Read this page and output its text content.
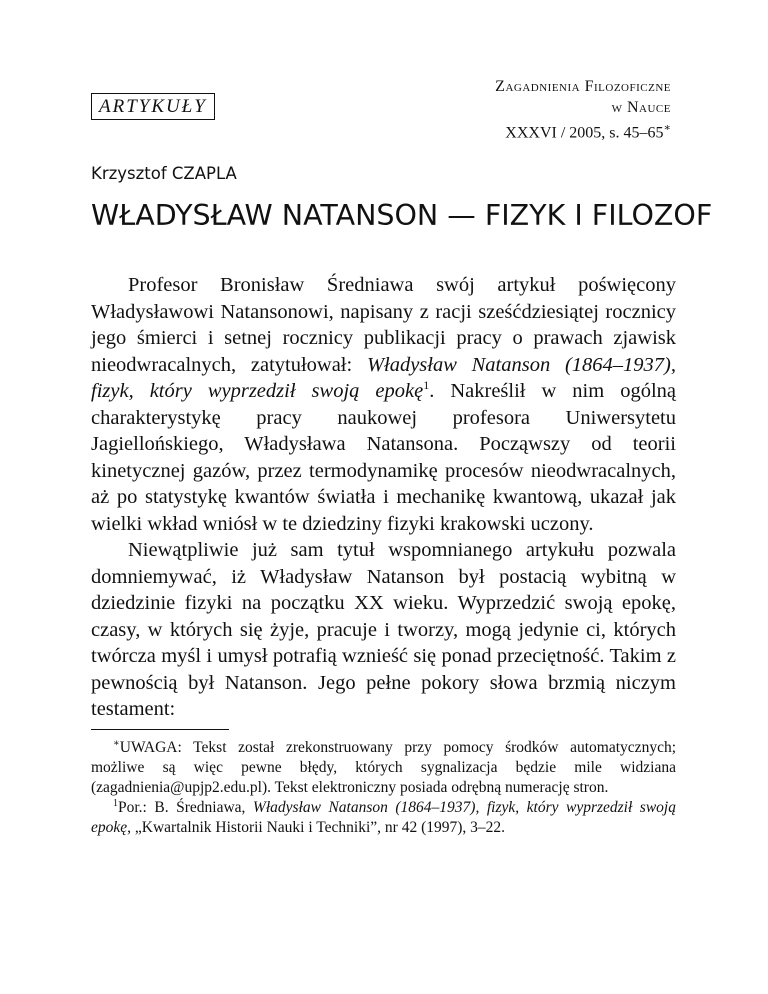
ARTYKUŁY
Zagadnienia Filozoficzne
w Nauce
XXXVI / 2005, s. 45–65∗
Krzysztof CZAPLA
WŁADYSŁAW NATANSON — FIZYK I FILOZOF

Profesor Bronisław Średniawa swój artykuł poświęcony Władysławowi Natansonowi, napisany z racji sześćdziesiątej rocznicy jego śmierci i setnej rocznicy publikacji pracy o prawach zjawisk nieodwracalnych, zatytułował: Władysław Natanson (1864–1937), fizyk, który wyprzedził swoją epokę$^1$. Nakreślił w nim ogólną charakterystykę pracy naukowej profesora Uniwersytetu Jagiellońskiego, Władysława Natansona. Począwszy od teorii kinetycznej gazów, przez termodynamikę procesów nieodwracalnych, aż po statystykę kwantów światła i mechanikę kwantową, ukazał jak wielki wkład wniósł w te dziedziny fizyki krakowski uczony.

Niewątpliwie już sam tytuł wspomnianego artykułu pozwala domniemywać, iż Władysław Natanson był postacią wybitną w dziedzinie fizyki na początku XX wieku. Wyprzedzić swoją epokę, czasy, w których się żyje, pracuje i tworzy, mogą jedynie ci, których twórcza myśl i umysł potrafią wznieść się ponad przeciętność. Takim z pewnością był Natanson. Jego pełne pokory słowa brzmią niczym testament:

∗UWAGA: Tekst został zrekonstruowany przy pomocy środków automatycznych; możliwe są więc pewne błędy, których sygnalizacja będzie mile widziana (zagadnienia@upjp2.edu.pl). Tekst elektroniczny posiada odrębną numerację stron.

$^1$Por.: B. Średniawa, Władysław Natanson (1864–1937), fizyk, który wyprzedził swoją epokę, „Kwartalnik Historii Nauki i Techniki”, nr 42 (1997), 3–22.
